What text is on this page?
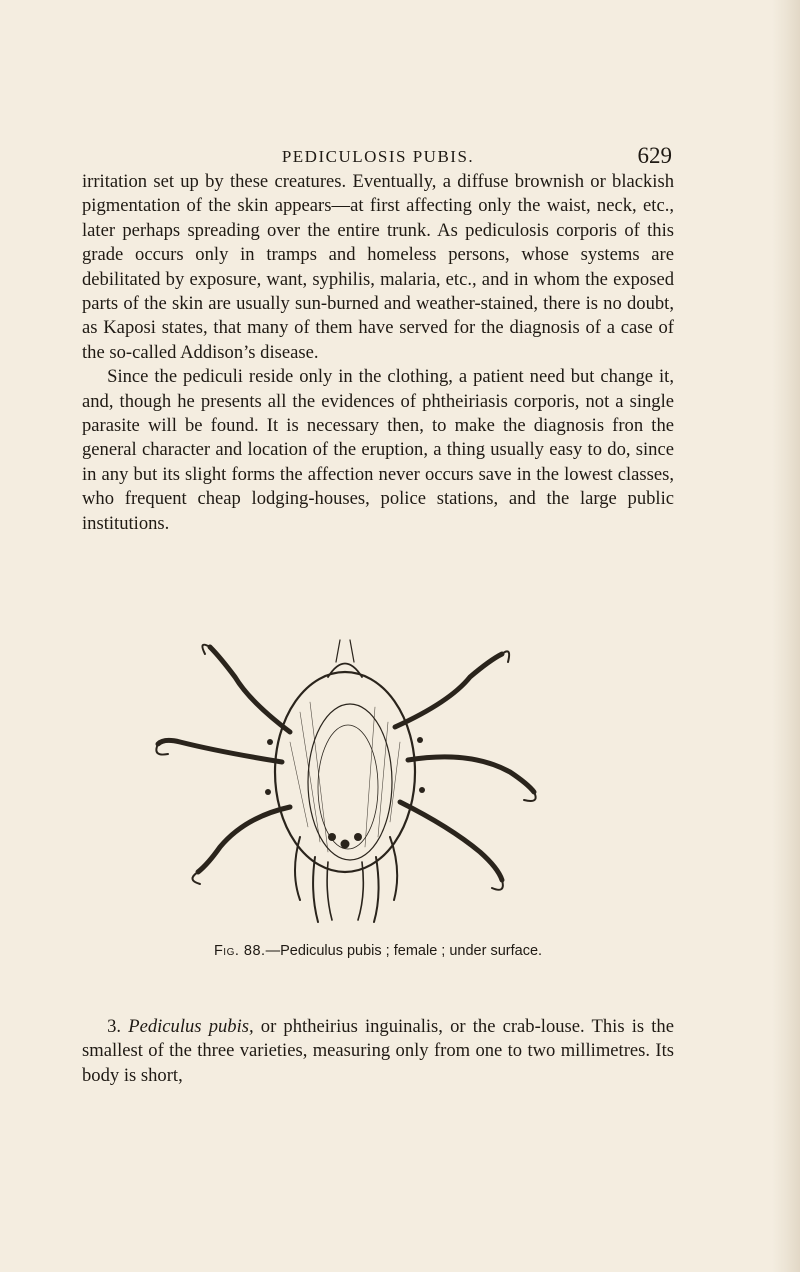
PEDICULOSIS PUBIS.	629

irritation set up by these creatures. Eventually, a diffuse brownish or blackish pigmentation of the skin appears—at first affecting only the waist, neck, etc., later perhaps spreading over the entire trunk. As pediculosis corporis of this grade occurs only in tramps and homeless persons, whose systems are debilitated by exposure, want, syphilis, malaria, etc., and in whom the exposed parts of the skin are usually sun-burned and weather-stained, there is no doubt, as Kaposi states, that many of them have served for the diagnosis of a case of the so-called Addison’s disease.

Since the pediculi reside only in the clothing, a patient need but change it, and, though he presents all the evidences of phtheiriasis corporis, not a single parasite will be found. It is necessary then, to make the diagnosis fron the general character and location of the eruption, a thing usually easy to do, since in any but its slight forms the affection never occurs save in the lowest classes, who frequent cheap lodging-houses, police stations, and the large public institutions.

Fig. 88.—Pediculus pubis ; female ; under surface.

3. Pediculus pubis, or phtheirius inguinalis, or the crab-louse. This is the smallest of the three varieties, measuring only from one to two millimetres. Its body is short,
